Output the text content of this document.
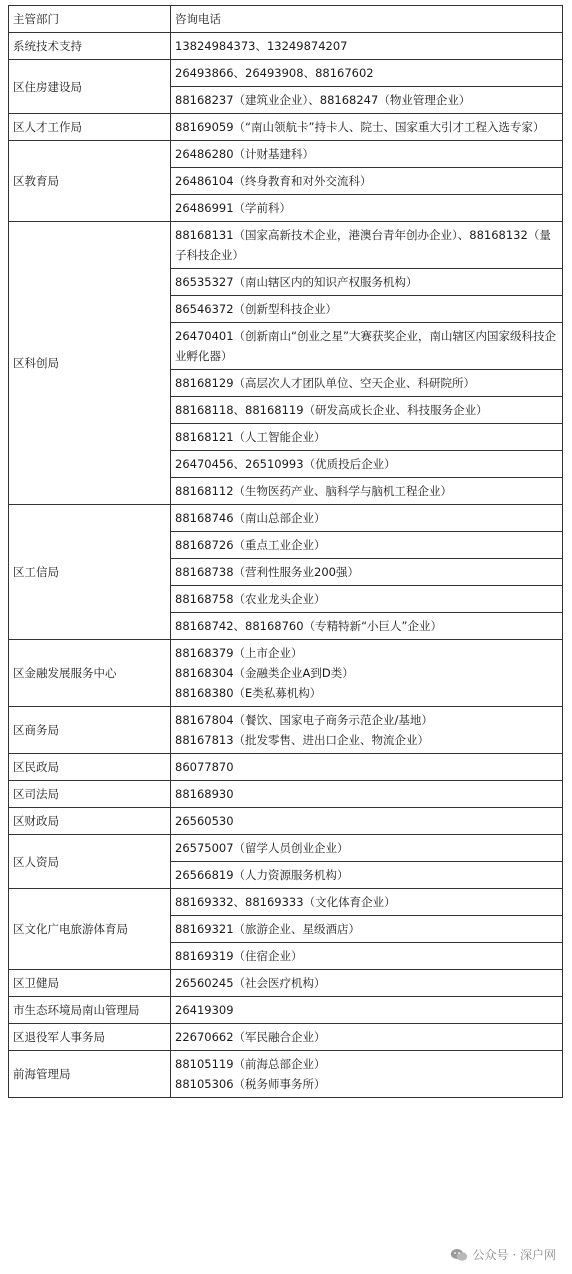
主管部门	咨询电话
系统技术支持	13824984373、13249874207

区住房建设局	26493866、26493908、88167602

	88168237（建筑业企业）、88168247（物业管理企业）

区人才工作局	88169059（“南山领航卡”持卡人、院士、国家重大引才工程入选专家）

区教育局	26486280（计财基建科）

	26486104（终身教育和对外交流科）

	26486991（学前科）

区科创局	88168131（国家高新技术企业，港澳台青年创办企业）、88168132（量子科技企业）

	86535327（南山辖区内的知识产权服务机构）

	86546372（创新型科技企业）

	26470401（创新南山“创业之星”大赛获奖企业，南山辖区内国家级科技企业孵化器）

	88168129（高层次人才团队单位、空天企业、科研院所）

	88168118、88168119（研发高成长企业、科技服务企业）

	88168121（人工智能企业）

	26470456、26510993（优质投后企业）

	88168112（生物医药产业、脑科学与脑机工程企业）

区工信局	88168746（南山总部企业）

	88168726（重点工业企业）

	88168738（营利性服务业200强）

	88168758（农业龙头企业）

	88168742、88168760（专精特新“小巨人”企业）

区金融发展服务中心	88168379（上市企业）
88168304（金融类企业A到D类）
88168380（E类私募机构）

区商务局	88167804（餐饮、国家电子商务示范企业/基地）
88167813（批发零售、进出口企业、物流企业）

区民政局	86077870

区司法局	88168930

区财政局	26560530

区人资局	26575007（留学人员创业企业）

	26566819（人力资源服务机构）

区文化广电旅游体育局	88169332、88169333（文化体育企业）

	88169321（旅游企业、星级酒店）

	88169319（住宿企业）

区卫健局	26560245（社会医疗机构）

市生态环境局南山管理局	26419309

区退役军人事务局	22670662（军民融合企业）

前海管理局	88105119（前海总部企业）
88105306（税务师事务所）
公众号 · 深户网
